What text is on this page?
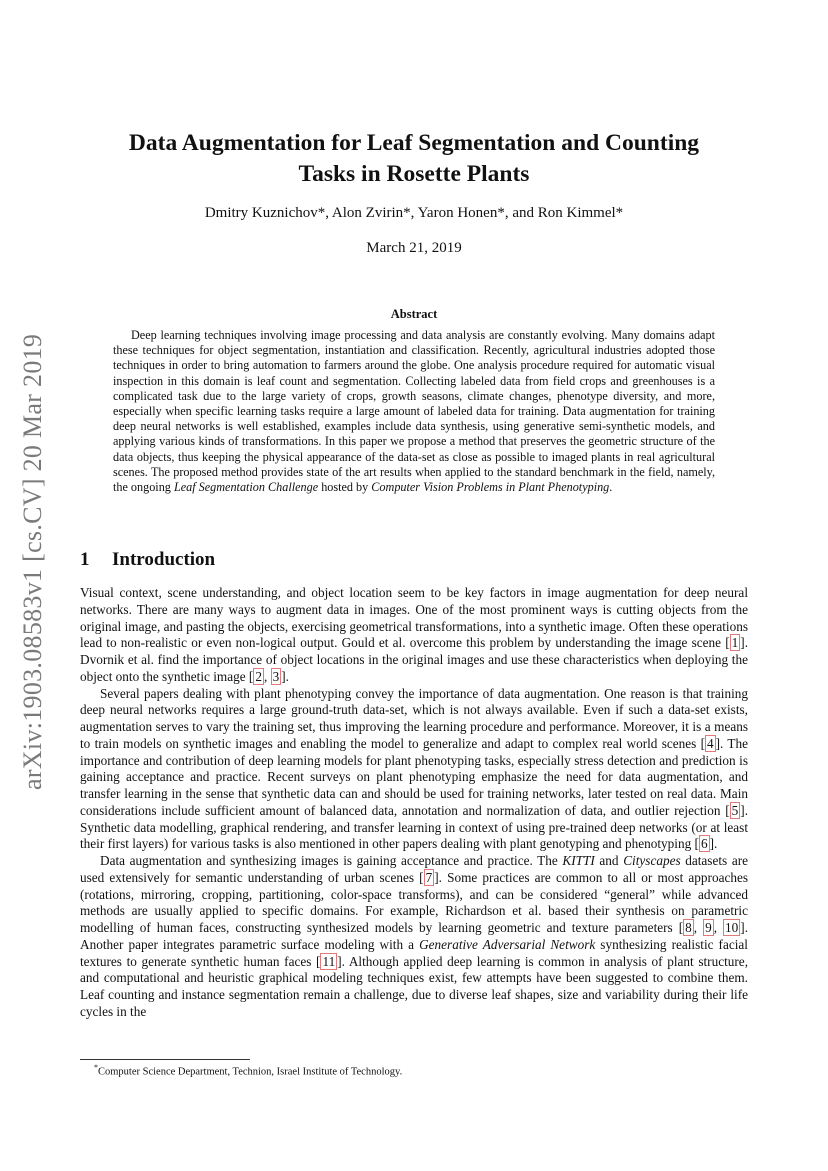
arXiv:1903.08583v1 [cs.CV] 20 Mar 2019
Data Augmentation for Leaf Segmentation and Counting
Tasks in Rosette Plants
Dmitry Kuznichov*, Alon Zvirin*, Yaron Honen*, and Ron Kimmel*
March 21, 2019
Abstract

Deep learning techniques involving image processing and data analysis are constantly evolving. Many domains adapt these techniques for object segmentation, instantiation and classification. Recently, agricultural industries adopted those techniques in order to bring automation to farmers around the globe. One analysis procedure required for automatic visual inspection in this domain is leaf count and segmentation. Collecting labeled data from field crops and greenhouses is a complicated task due to the large variety of crops, growth seasons, climate changes, phenotype diversity, and more, especially when specific learning tasks require a large amount of labeled data for training. Data augmentation for training deep neural networks is well established, examples include data synthesis, using generative semi-synthetic models, and applying various kinds of transformations. In this paper we propose a method that preserves the geometric structure of the data objects, thus keeping the physical appearance of the data-set as close as possible to imaged plants in real agricultural scenes. The proposed method provides state of the art results when applied to the standard benchmark in the field, namely, the ongoing Leaf Segmentation Challenge hosted by Computer Vision Problems in Plant Phenotyping.

1 Introduction

Visual context, scene understanding, and object location seem to be key factors in image augmentation for deep neural networks. There are many ways to augment data in images. One of the most prominent ways is cutting objects from the original image, and pasting the objects, exercising geometrical transformations, into a synthetic image. Often these operations lead to non-realistic or even non-logical output. Gould et al. overcome this problem by understanding the image scene [ 1 ]. Dvornik et al. find the importance of object locations in the original images and use these characteristics when deploying the object onto the synthetic image [ 2 , 3 ].

Several papers dealing with plant phenotyping convey the importance of data augmentation. One reason is that training deep neural networks requires a large ground-truth data-set, which is not always available. Even if such a data-set exists, augmentation serves to vary the training set, thus improving the learning procedure and performance. Moreover, it is a means to train models on synthetic images and enabling the model to generalize and adapt to complex real world scenes [ 4 ]. The importance and contribution of deep learning models for plant phenotyping tasks, especially stress detection and prediction is gaining acceptance and practice. Recent surveys on plant phenotyping emphasize the need for data augmentation, and transfer learning in the sense that synthetic data can and should be used for training networks, later tested on real data. Main considerations include sufficient amount of balanced data, annotation and normalization of data, and outlier rejection [ 5 ]. Synthetic data modelling, graphical rendering, and transfer learning in context of using pre-trained deep networks (or at least their first layers) for various tasks is also mentioned in other papers dealing with plant genotyping and phenotyping [ 6 ].

Data augmentation and synthesizing images is gaining acceptance and practice. The KITTI and Cityscapes datasets are used extensively for semantic understanding of urban scenes [ 7 ]. Some practices are common to all or most approaches (rotations, mirroring, cropping, partitioning, color-space transforms), and can be considered “general” while advanced methods are usually applied to specific domains. For example, Richardson et al. based their synthesis on parametric modelling of human faces, constructing synthesized models by learning geometric and texture parameters [ 8 , 9 , 10 ]. Another paper integrates parametric surface modeling with a Generative Adversarial Network synthesizing realistic facial textures to generate synthetic human faces [ 11 ]. Although applied deep learning is common in analysis of plant structure, and computational and heuristic graphical modeling techniques exist, few attempts have been suggested to combine them. Leaf counting and instance segmentation remain a challenge, due to diverse leaf shapes, size and variability during their life cycles in the

*Computer Science Department, Technion, Israel Institute of Technology.
